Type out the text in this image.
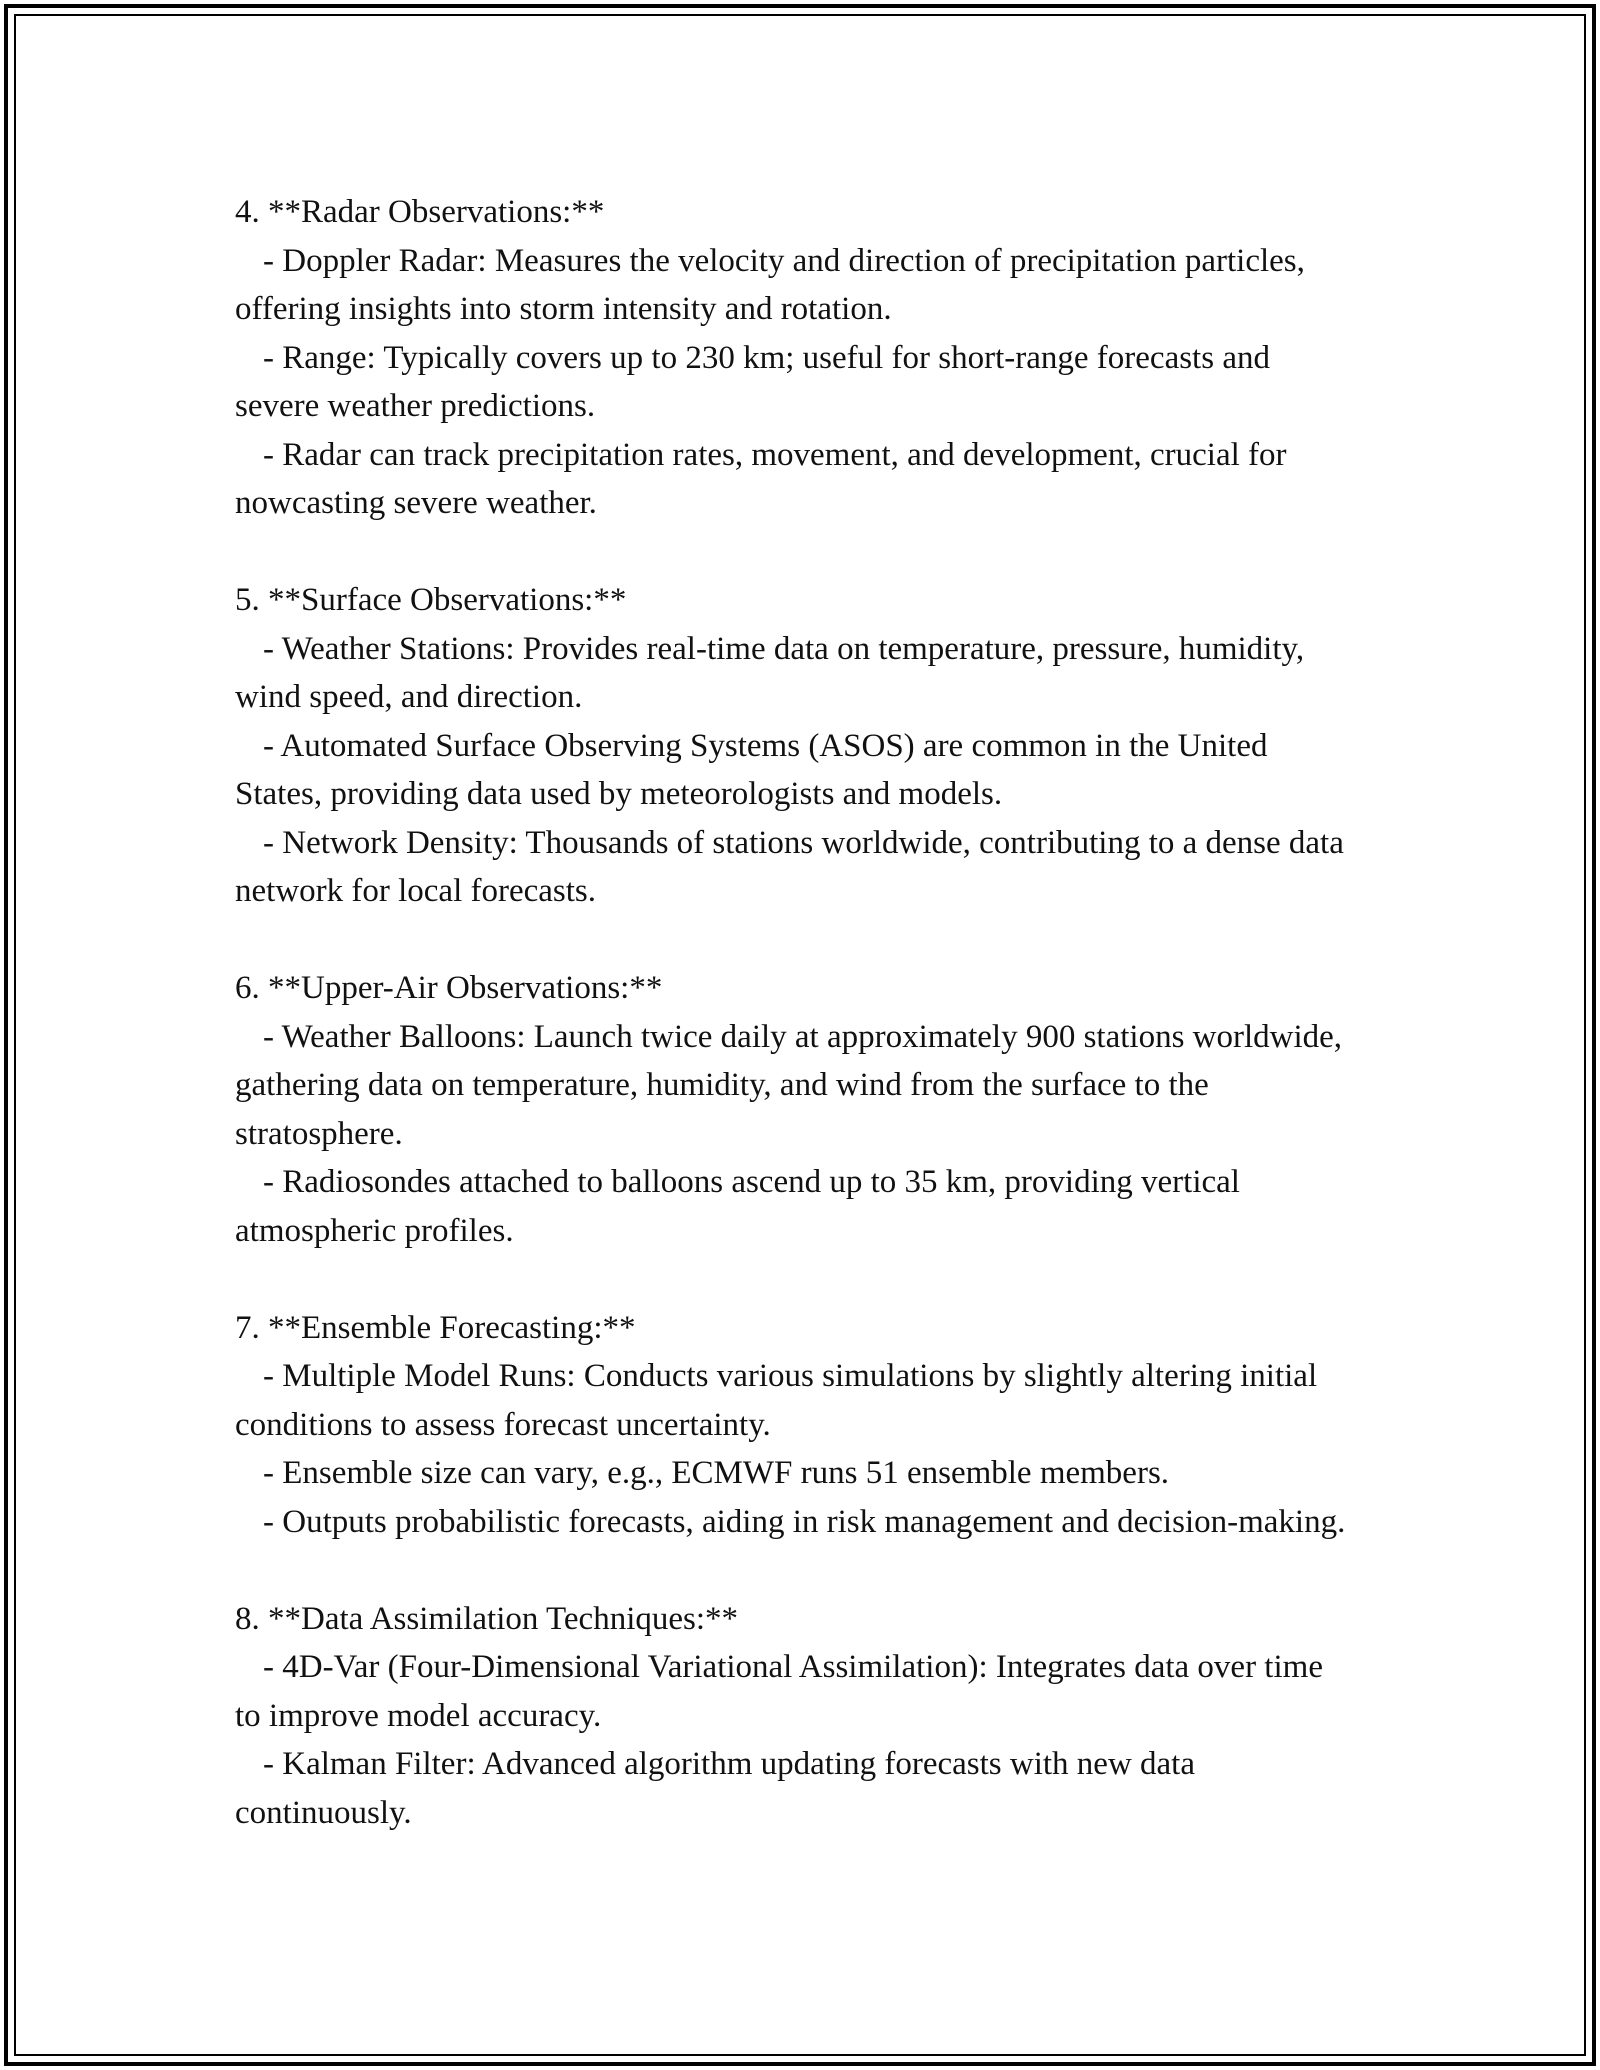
4. **Radar Observations:**

- Doppler Radar: Measures the velocity and direction of precipitation particles, offering insights into storm intensity and rotation.

- Range: Typically covers up to 230 km; useful for short-range forecasts and severe weather predictions.

- Radar can track precipitation rates, movement, and development, crucial for nowcasting severe weather.

5. **Surface Observations:**

- Weather Stations: Provides real-time data on temperature, pressure, humidity, wind speed, and direction.

- Automated Surface Observing Systems (ASOS) are common in the United States, providing data used by meteorologists and models.

- Network Density: Thousands of stations worldwide, contributing to a dense data network for local forecasts.

6. **Upper-Air Observations:**

- Weather Balloons: Launch twice daily at approximately 900 stations worldwide, gathering data on temperature, humidity, and wind from the surface to the stratosphere.

- Radiosondes attached to balloons ascend up to 35 km, providing vertical atmospheric profiles.

7. **Ensemble Forecasting:**

- Multiple Model Runs: Conducts various simulations by slightly altering initial conditions to assess forecast uncertainty.

- Ensemble size can vary, e.g., ECMWF runs 51 ensemble members.

- Outputs probabilistic forecasts, aiding in risk management and decision-making.

8. **Data Assimilation Techniques:**

- 4D-Var (Four-Dimensional Variational Assimilation): Integrates data over time to improve model accuracy.

- Kalman Filter: Advanced algorithm updating forecasts with new data continuously.
